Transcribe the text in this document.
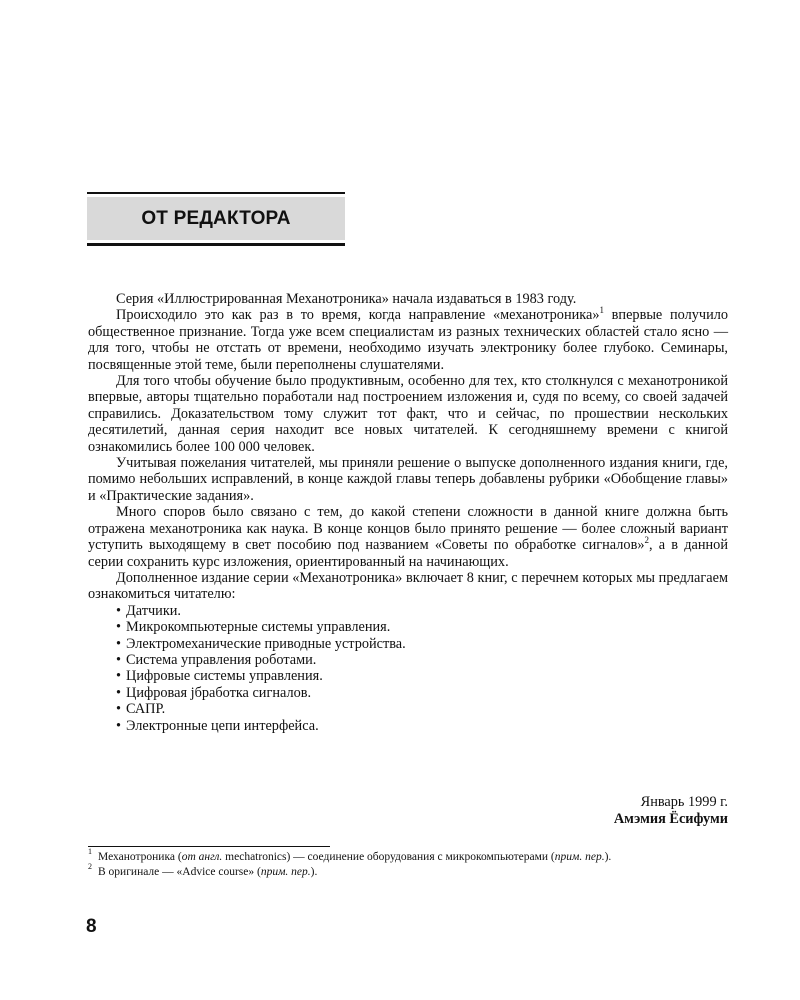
ОТ РЕДАКТОРА

Серия «Иллюстрированная Механотроника» начала издаваться в 1983 году.

Происходило это как раз в то время, когда направление «механотроника»$^1$ впервые получило общественное признание. Тогда уже всем специалистам из разных технических областей стало ясно — для того, чтобы не отстать от времени, необходимо изучать электронику более глубоко. Семинары, посвященные этой теме, были переполнены слушателями.

Для того чтобы обучение было продуктивным, особенно для тех, кто столкнулся с механотроникой впервые, авторы тщательно поработали над построением изложения и, судя по всему, со своей задачей справились. Доказательством тому служит тот факт, что и сейчас, по прошествии нескольких десятилетий, данная серия находит все новых читателей. К сегодняшнему времени с книгой ознакомились более 100 000 человек.

Учитывая пожелания читателей, мы приняли решение о выпуске дополненного издания книги, где, помимо небольших исправлений, в конце каждой главы теперь добавлены рубрики «Обобщение главы» и «Практические задания».

Много споров было связано с тем, до какой степени сложности в данной книге должна быть отражена механотроника как наука. В конце концов было принято решение — более сложный вариант уступить выходящему в свет пособию под названием «Советы по обработке сигналов»$^2$, а в данной серии сохранить курс изложения, ориентированный на начинающих.

Дополненное издание серии «Механотроника» включает 8 книг, с перечнем которых мы предлагаем ознакомиться читателю:

• Датчики.
• Микрокомпьютерные системы управления.
• Электромеханические приводные устройства.
• Система управления роботами.
• Цифровые системы управления.
• Цифровая jбработка сигналов.
• САПР.
• Электронные цепи интерфейса.
Январь 1999 г.
Амэмия Ёсифуми
1 Механотроника (от англ. mechatronics) — соединение оборудования с микрокомпьютерами (прим. пер.).
2 В оригинале — «Advice course» (прим. пер.).
8
